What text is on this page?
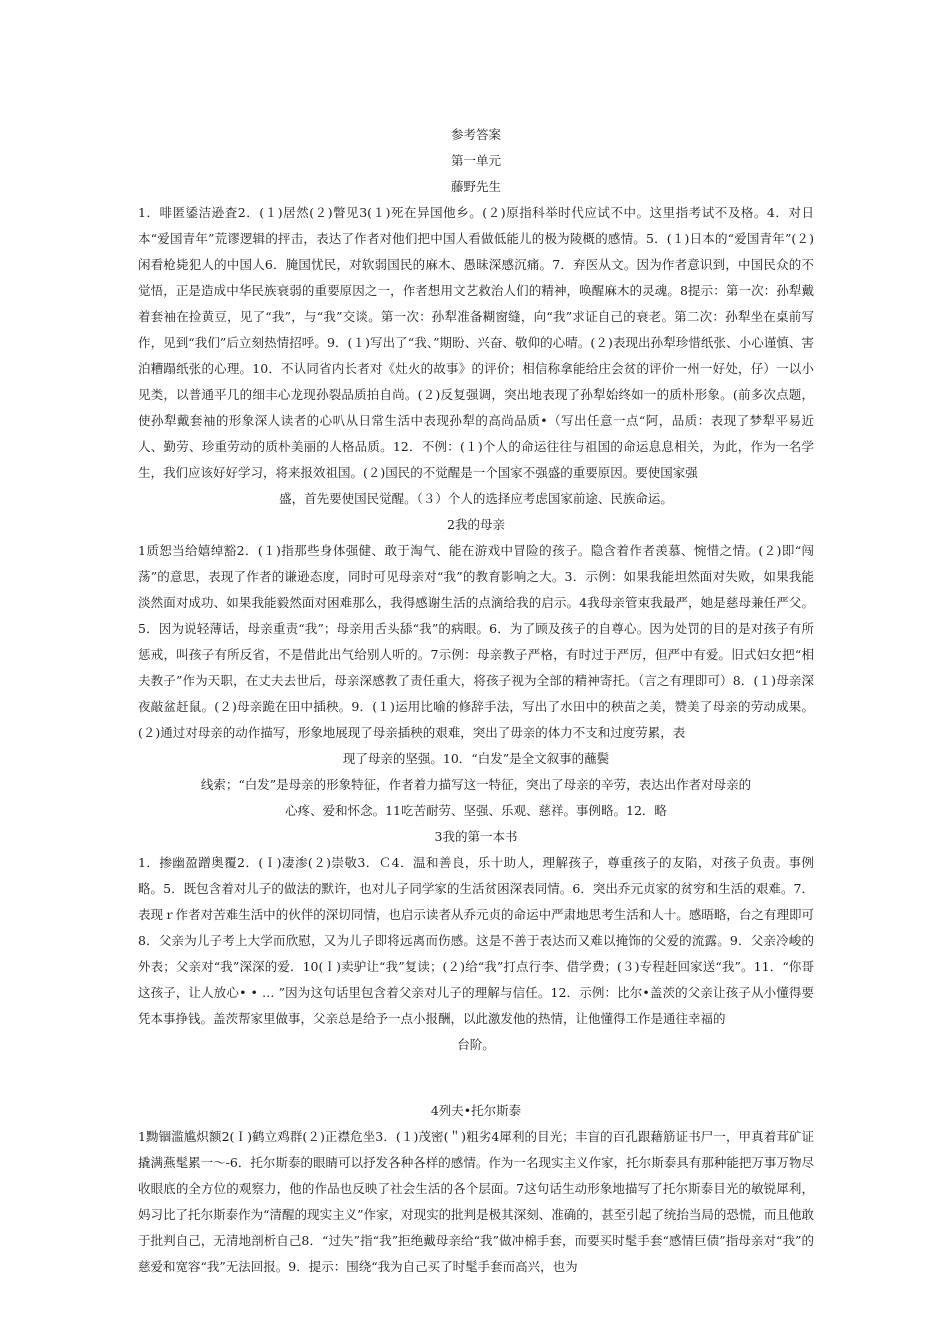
参考答案
第一单元
藤野先生

1．啡匿鋈洁逊査2．(１)居然(２)瞥见3(１)死在异国他乡。(２)原指科举时代应试不中。这里指考试不及格。4．对日本“爱国青年”荒谬逻辑的抨击，表达了作者对他们把中国人看做低能儿的极为陵概的感情。5．(１)日本的“爱国青年”(２)闲看枪毙犯人的中国人6．腌国忧民，对软弱国民的麻木、愚昧深感沉痛。7．弃医从文。因为作者意识到，中国民众的不觉悟，正是造成中华民族衰弱的重要原因之一，作者想用文艺救治人们的精神，唤醒麻木的灵魂。8提示：第一次：孙犁戴着套袖在捡黄豆，见了“我”，与“我”交谈。第一次：孙犁准备糊窗缝，向“我”求证自己的衰老。第二次：孙犁坐在桌前写作，见到“我们”后立刻热情招呼。9．(１)写出了“我、”期盼、兴奋、敬仰的心晴。(２)表现出孙犁珍惜纸张、小心谨慎、害泊糟蹋纸张的心理。10．不认同省内长者对《灶火的故事》的评价；相信称拿能给庄会贫的评价一州一好处，仔）一以小见类，以普通平几的细丰心龙现孙裂品质拍自尚。(２)反复强调，突出地表现了孙犁始终如一的质朴形象。(前多次点题，使孙犁戴套袖的形象深人读者的心叭从日常生活中表现孙犁的高尚品质•（写出任意一点“阿，品质：表现了梦犁平易近人、勤劳、珍重劳动的质朴美丽的人格品质。12．不例：(１)个人的命运往往与祖国的命运息息相关，为此，作为一名学生，我们应该好好学习，将来报效祖国。(２)国民的不觉醒是一个国家不强盛的重要原因。要使国家强

盛，首先要使国民觉醒。（３）个人的选择应考虑国家前途、民族命运。

2我的母亲

1质恕当给嬉绰豁2．(１)指那些身体强健、敢于淘气、能在游戏中冒险的孩子。隐含着作者羡慕、惋惜之情。(２)即“闯荡”的意思，表现了作者的谦逊态度，同时可见母亲对“我”的教育影响之大。3．示例：如果我能坦然面对失败，如果我能淡然面对成功、如果我能毅然面对困难那么，我得感谢生活的点滴给我的启示。4我母亲管束我最严，她是慈母兼任严父。5．因为说轻薄话，母亲重责“我”；母亲用舌头舔“我”的病眼。6．为了顾及孩子的自尊心。因为处罚的目的是对孩子有所惩戒，叫孩子有所反省，不是借此出气给别人听的。7示例：母亲教子严格，有时过于严厉，但严中有爱。旧式妇女把“相夫教子”作为天职，在丈夫去世后，母亲深感教了责任重大，将孩子视为全部的精神寄托。（言之有理即可）8．(１)母亲深夜敲盆赶鼠。(２)母亲跪在田中插秧。9．(１)运用比喻的修辞手法，写出了水田中的秧苗之美，赞美了母亲的劳动成果。(２)通过对母亲的动作描写，形象地展现了母亲插秧的艰难，突出了毋亲的体力不支和过度劳累，表

现了母亲的坚强。10．“白发”是全文叙事的蘸鬓

线索；“白发”是母亲的形象特征，作者着力描写这一特征，突出了母亲的辛劳，表达出作者对母亲的

心疼、爱和怀念。11吃苦耐劳、坚强、乐观、慈祥。事例略。12．略

3我的第一本书

1．掺幽盈蹭奥覆2．(Ｉ)凄渗(２)崇敬3．Ｃ4．温和善良，乐十助人，理解孩子，尊重孩子的友陷，对孩子负责。事例略。5．既包含着对儿子的做法的默许，也对儿子同学家的生活贫困深表同情。6．突出乔元贞家的贫穷和生活的艰难。7．表现ｒ作者对苦难生活中的伙伴的深切同情，也启示读者从乔元贞的命运中严肃地思考生活和人十。感晤略，台之有理即可8．父亲为儿子考上大学而欣慰，又为儿子即将远离而伤感。这是不善于表达而又难以掩饰的父爱的流露。9．父亲冷峻的外表；父亲对“我”深深的爱．10(Ｉ)卖驴让“我”复读；(２)给“我”打点行李、借学费；(３)专程赶回家送“我”。11．“你哥这孩子，让人放心• • … ”因为这句话里包含着父亲对儿子的理解与信任。12．示例：比尔•盖茨的父亲让孩子从小懂得要凭本事挣钱。盖茨帮家里做事，父亲总是给予一点小报酬，以此激发他的热情，让他懂得工作是通往幸福的

台阶。

4列夫•托尔斯泰

1黝锢滥尴炽额2(Ｉ)鹤立鸡群(２)正襟危坐3．(１)茂密(＂)粗劣4犀利的目光；丰盲的百孔跟藉筋证书尸一，甲真着茸矿证撬满燕髦累一～-6．托尔斯泰的眼睛可以抒发各种各样的感情。作为一名现实主义作家，托尔斯泰具有那种能把万事万物尽收眼底的全方位的观察力，他的作品也反映了社会生活的各个层面。7这句话生动形象地描写了托尔斯泰目光的敏锐犀利，妈习比了托尔斯泰作为“清醒的现实主义”作家，对现实的批判是极其深刻、准确的，甚至引起了统抬当局的恐慌，而且他敢于批判自己，无清地剖析自己8．“过失”指“我”拒绝戴母亲给“我”做冲棉手套，而要买时髦手套“感情巨债”指母亲对“我”的慈爱和宽容“我”无法回报。9．提示：围绕“我为自己买了时髦手套而高兴，也为
